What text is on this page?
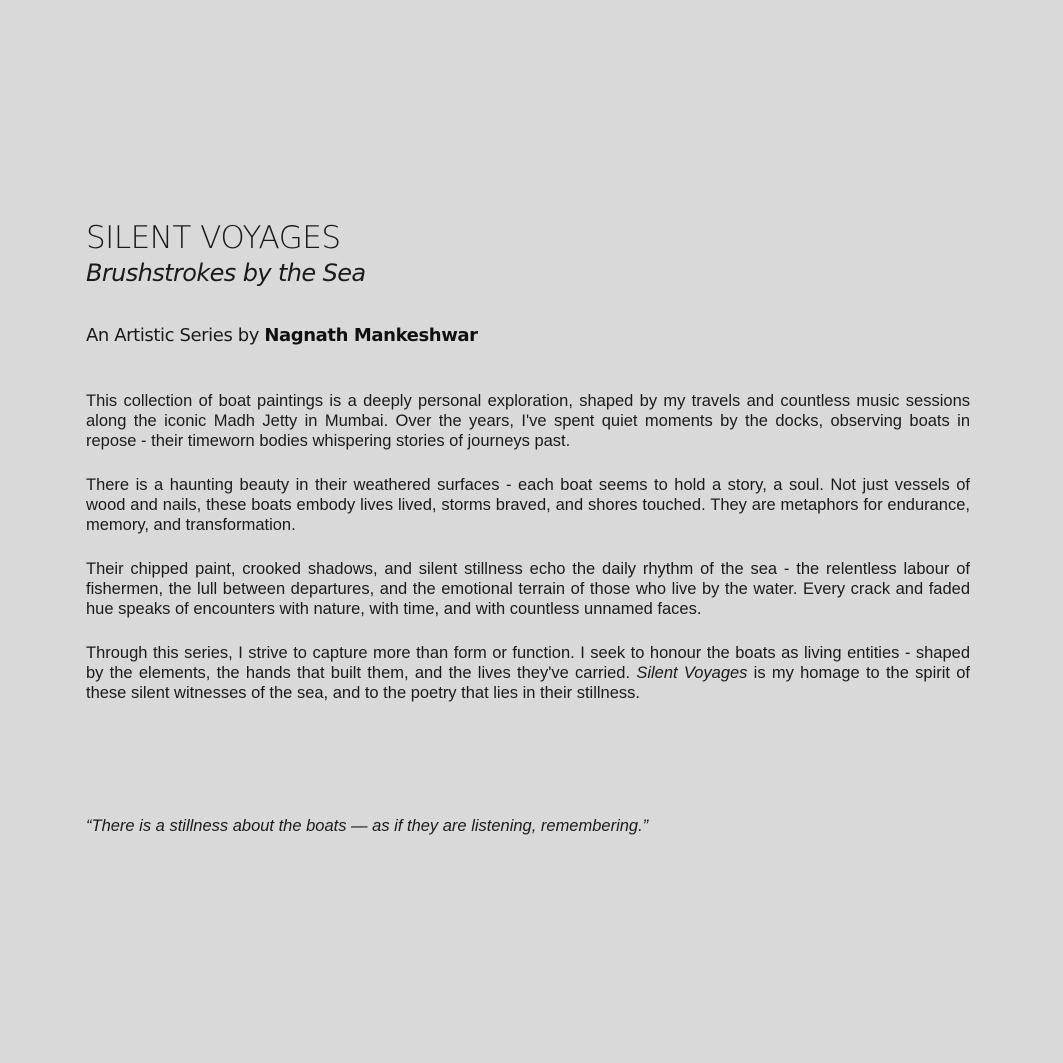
SILENT VOYAGES
Brushstrokes by the Sea

An Artistic Series by Nagnath Mankeshwar

This collection of boat paintings is a deeply personal exploration, shaped by my travels and countless music sessions along the iconic Madh Jetty in Mumbai. Over the years, I've spent quiet moments by the docks, observing boats in repose - their timeworn bodies whispering stories of journeys past.

There is a haunting beauty in their weathered surfaces - each boat seems to hold a story, a soul. Not just vessels of wood and nails, these boats embody lives lived, storms braved, and shores touched. They are metaphors for endurance, memory, and transformation.

Their chipped paint, crooked shadows, and silent stillness echo the daily rhythm of the sea - the relentless labour of fishermen, the lull between departures, and the emotional terrain of those who live by the water. Every crack and faded hue speaks of encounters with nature, with time, and with countless unnamed faces.

Through this series, I strive to capture more than form or function. I seek to honour the boats as living entities - shaped by the elements, the hands that built them, and the lives they've carried. Silent Voyages is my homage to the spirit of these silent witnesses of the sea, and to the poetry that lies in their stillness.

“There is a stillness about the boats — as if they are listening, remembering.”
